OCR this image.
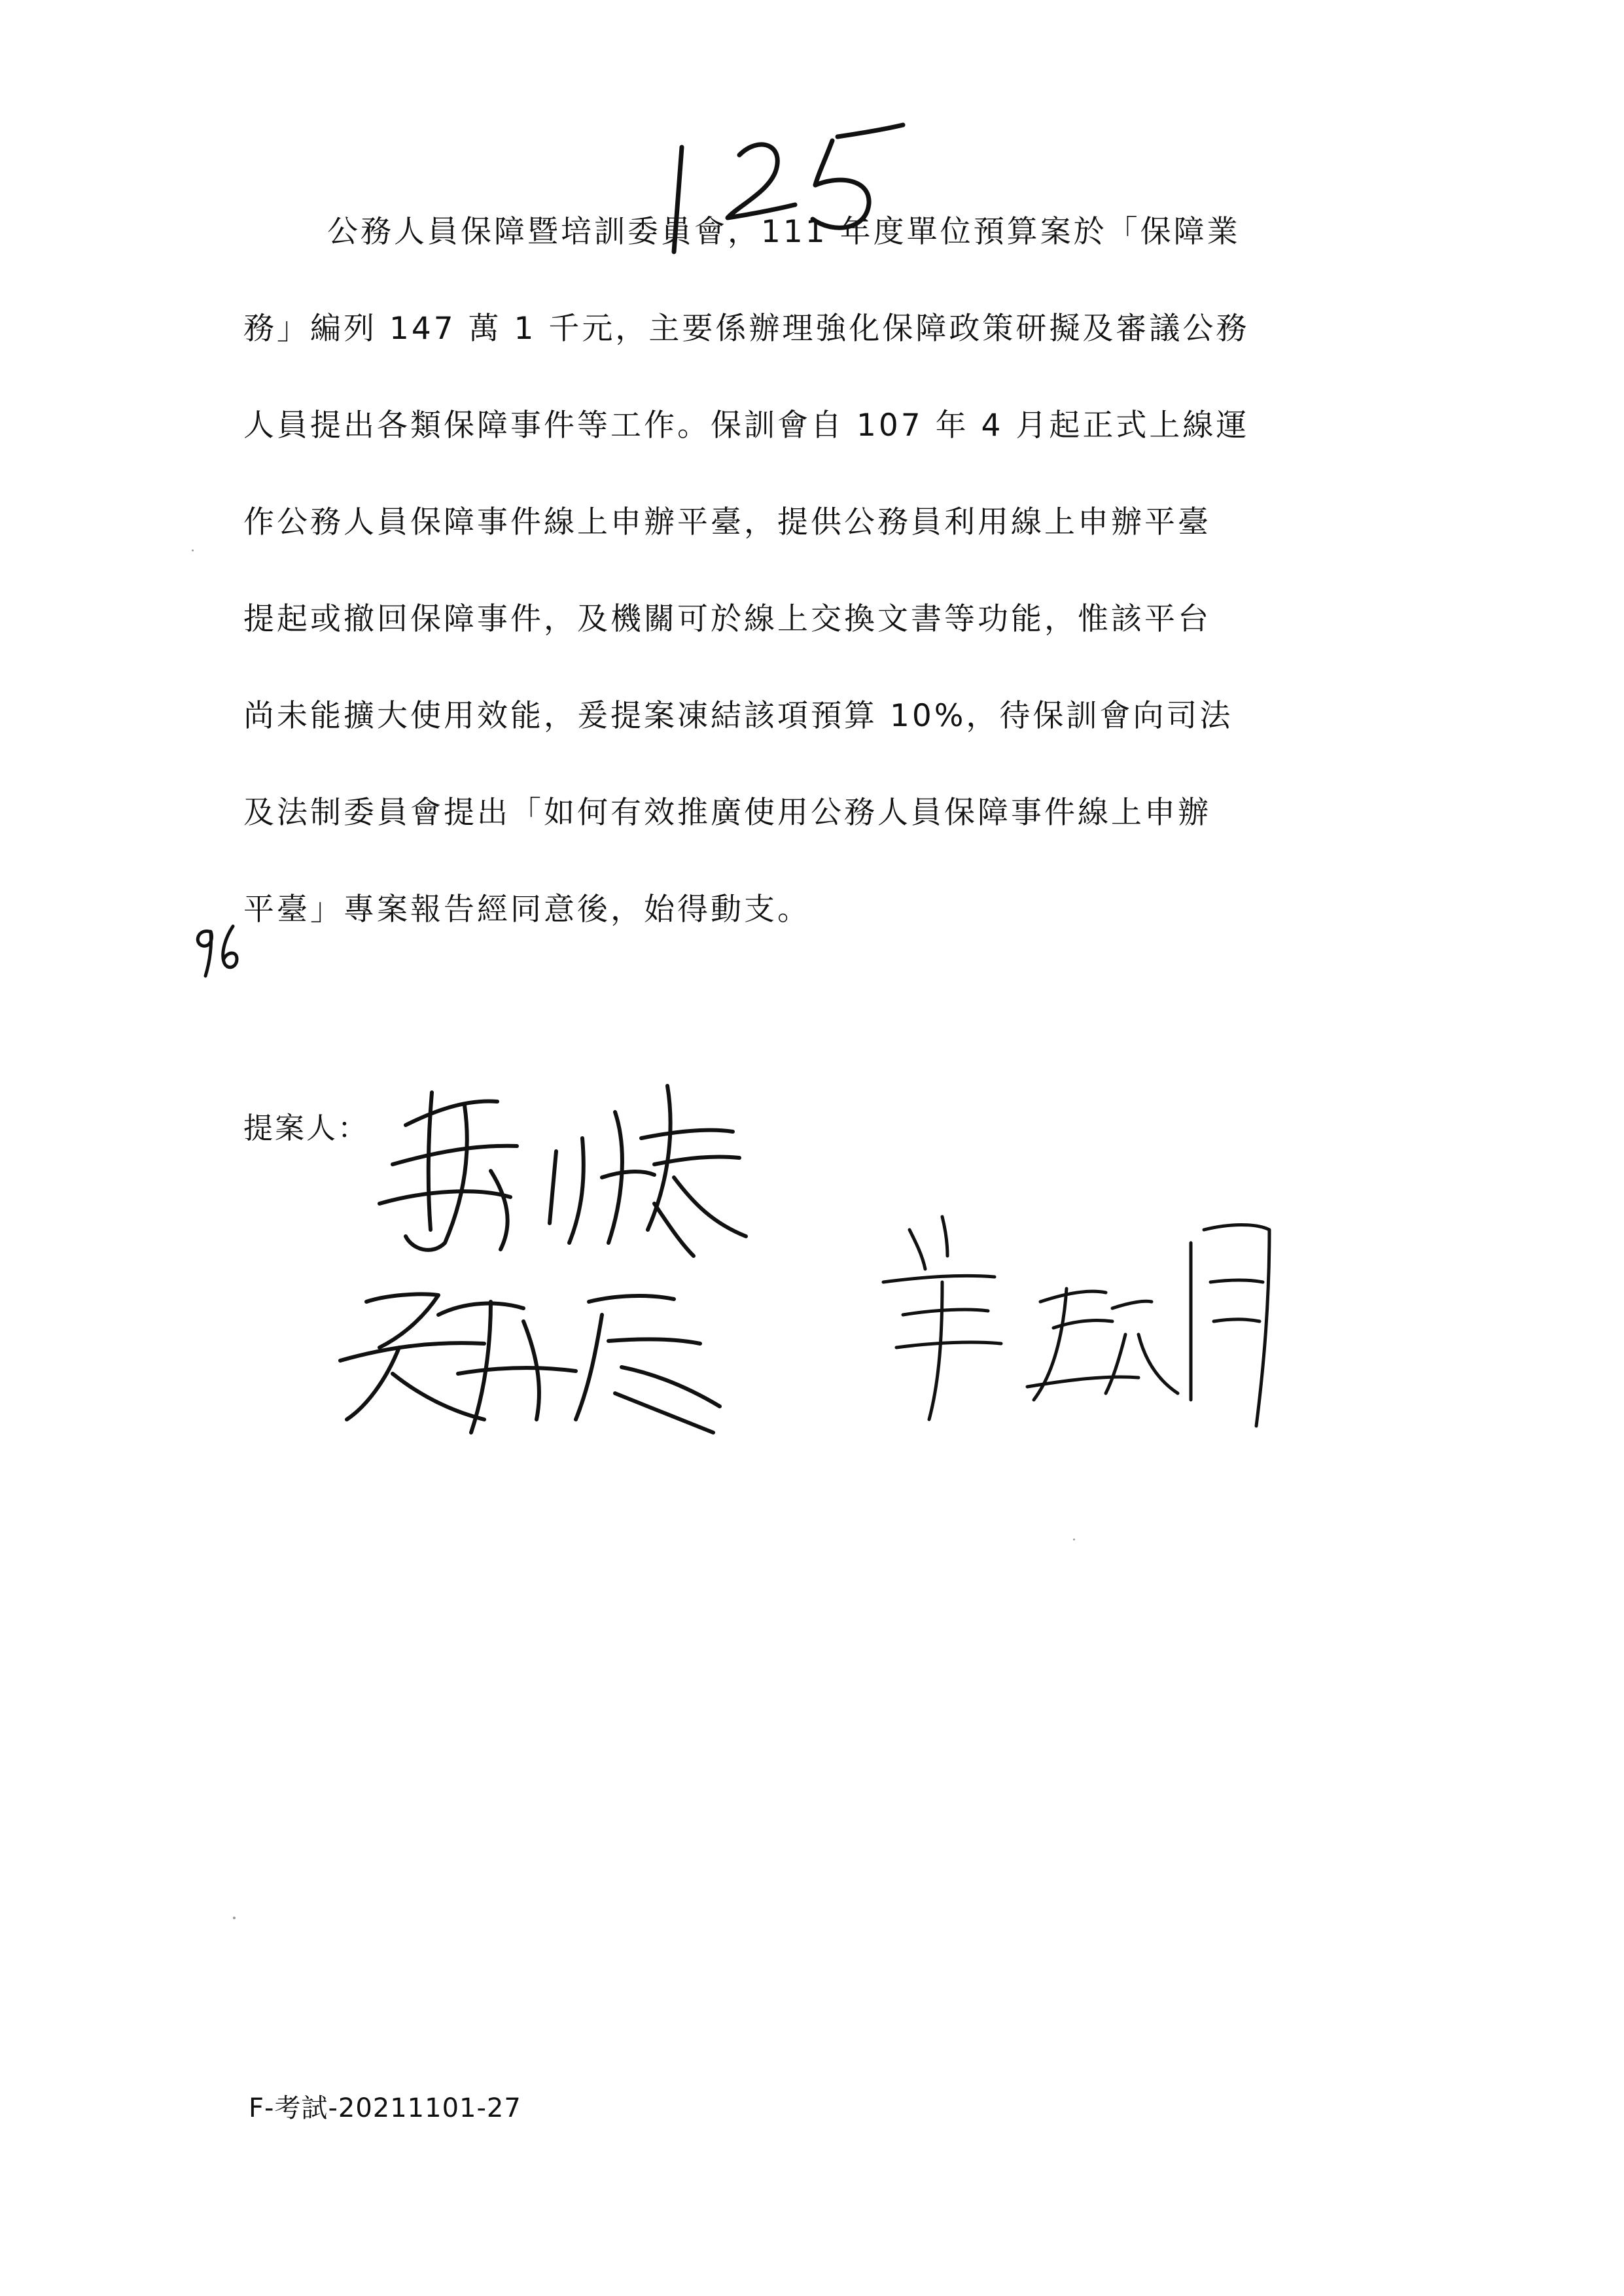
公務人員保障暨培訓委員會，111 年度單位預算案於「保障業
務」編列 147 萬 1 千元，主要係辦理強化保障政策研擬及審議公務
人員提出各類保障事件等工作。保訓會自 107 年 4 月起正式上線運
作公務人員保障事件線上申辦平臺，提供公務員利用線上申辦平臺
提起或撤回保障事件，及機關可於線上交換文書等功能，惟該平台
尚未能擴大使用效能，爰提案凍結該項預算 10%，待保訓會向司法
及法制委員會提出「如何有效推廣使用公務人員保障事件線上申辦
平臺」專案報告經同意後，始得動支。
提案人：
F-考試-20211101-27
